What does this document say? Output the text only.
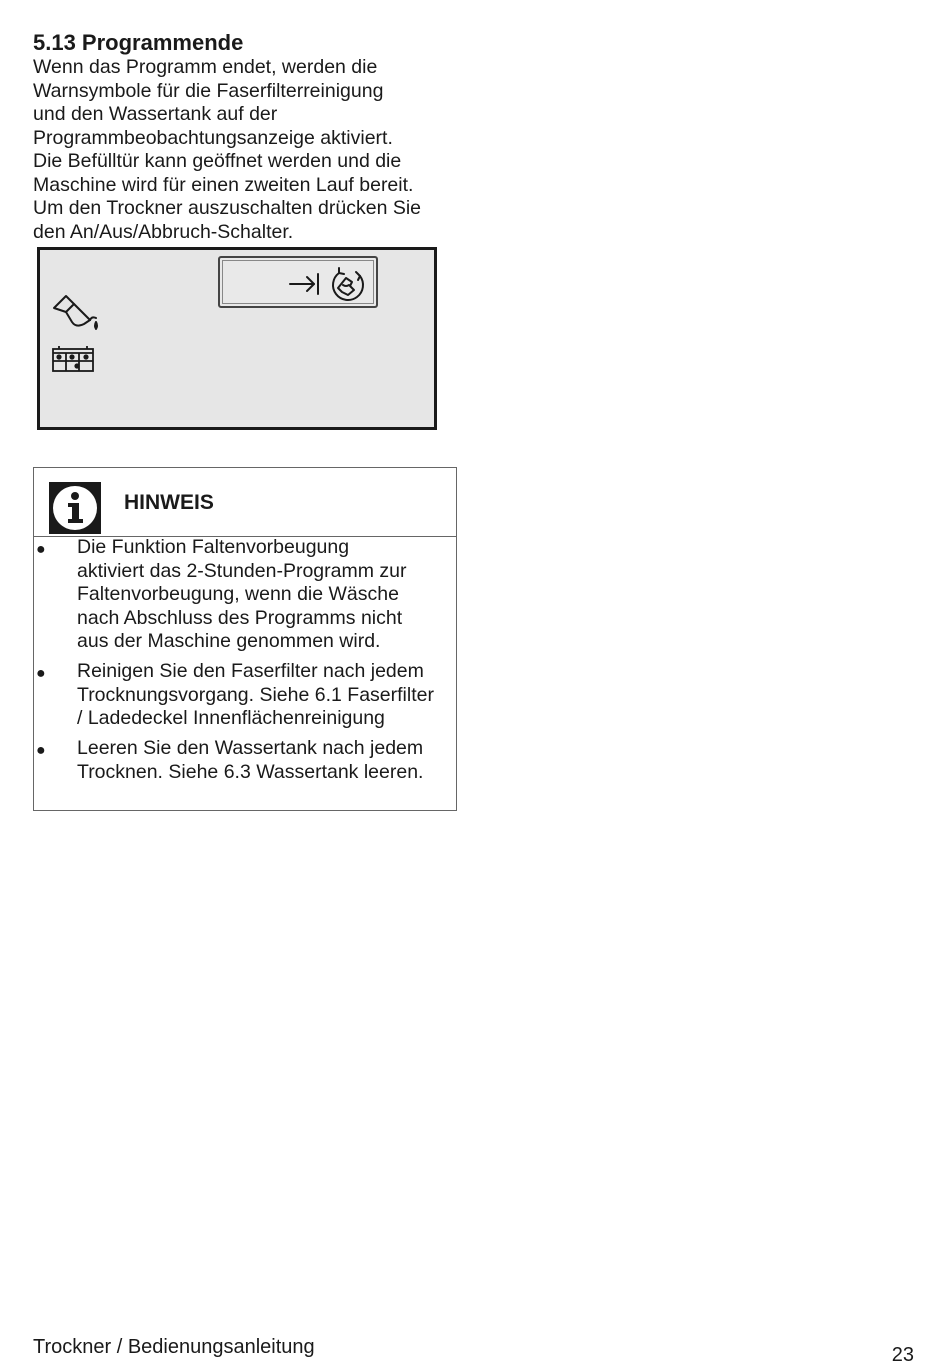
5.13 Programmende
Wenn das Programm endet, werden die
Warnsymbole für die Faserfilterreinigung
und den Wassertank auf der
Programmbeobachtungsanzeige aktiviert.
Die Befülltür kann geöffnet werden und die
Maschine wird für einen zweiten Lauf bereit.
Um den Trockner auszuschalten drücken Sie
den An/Aus/Abbruch-Schalter.
HINWEIS
● Die Funktion Faltenvorbeugung
aktiviert das 2-Stunden-Programm zur
Faltenvorbeugung, wenn die Wäsche
nach Abschluss des Programms nicht
aus der Maschine genommen wird.
● Reinigen Sie den Faserfilter nach jedem
Trocknungsvorgang. Siehe 6.1 Faserfilter
/ Ladedeckel Innenflächenreinigung
● Leeren Sie den Wassertank nach jedem
Trocknen. Siehe 6.3 Wassertank leeren.
Trockner / Bedienungsanleitung	23
